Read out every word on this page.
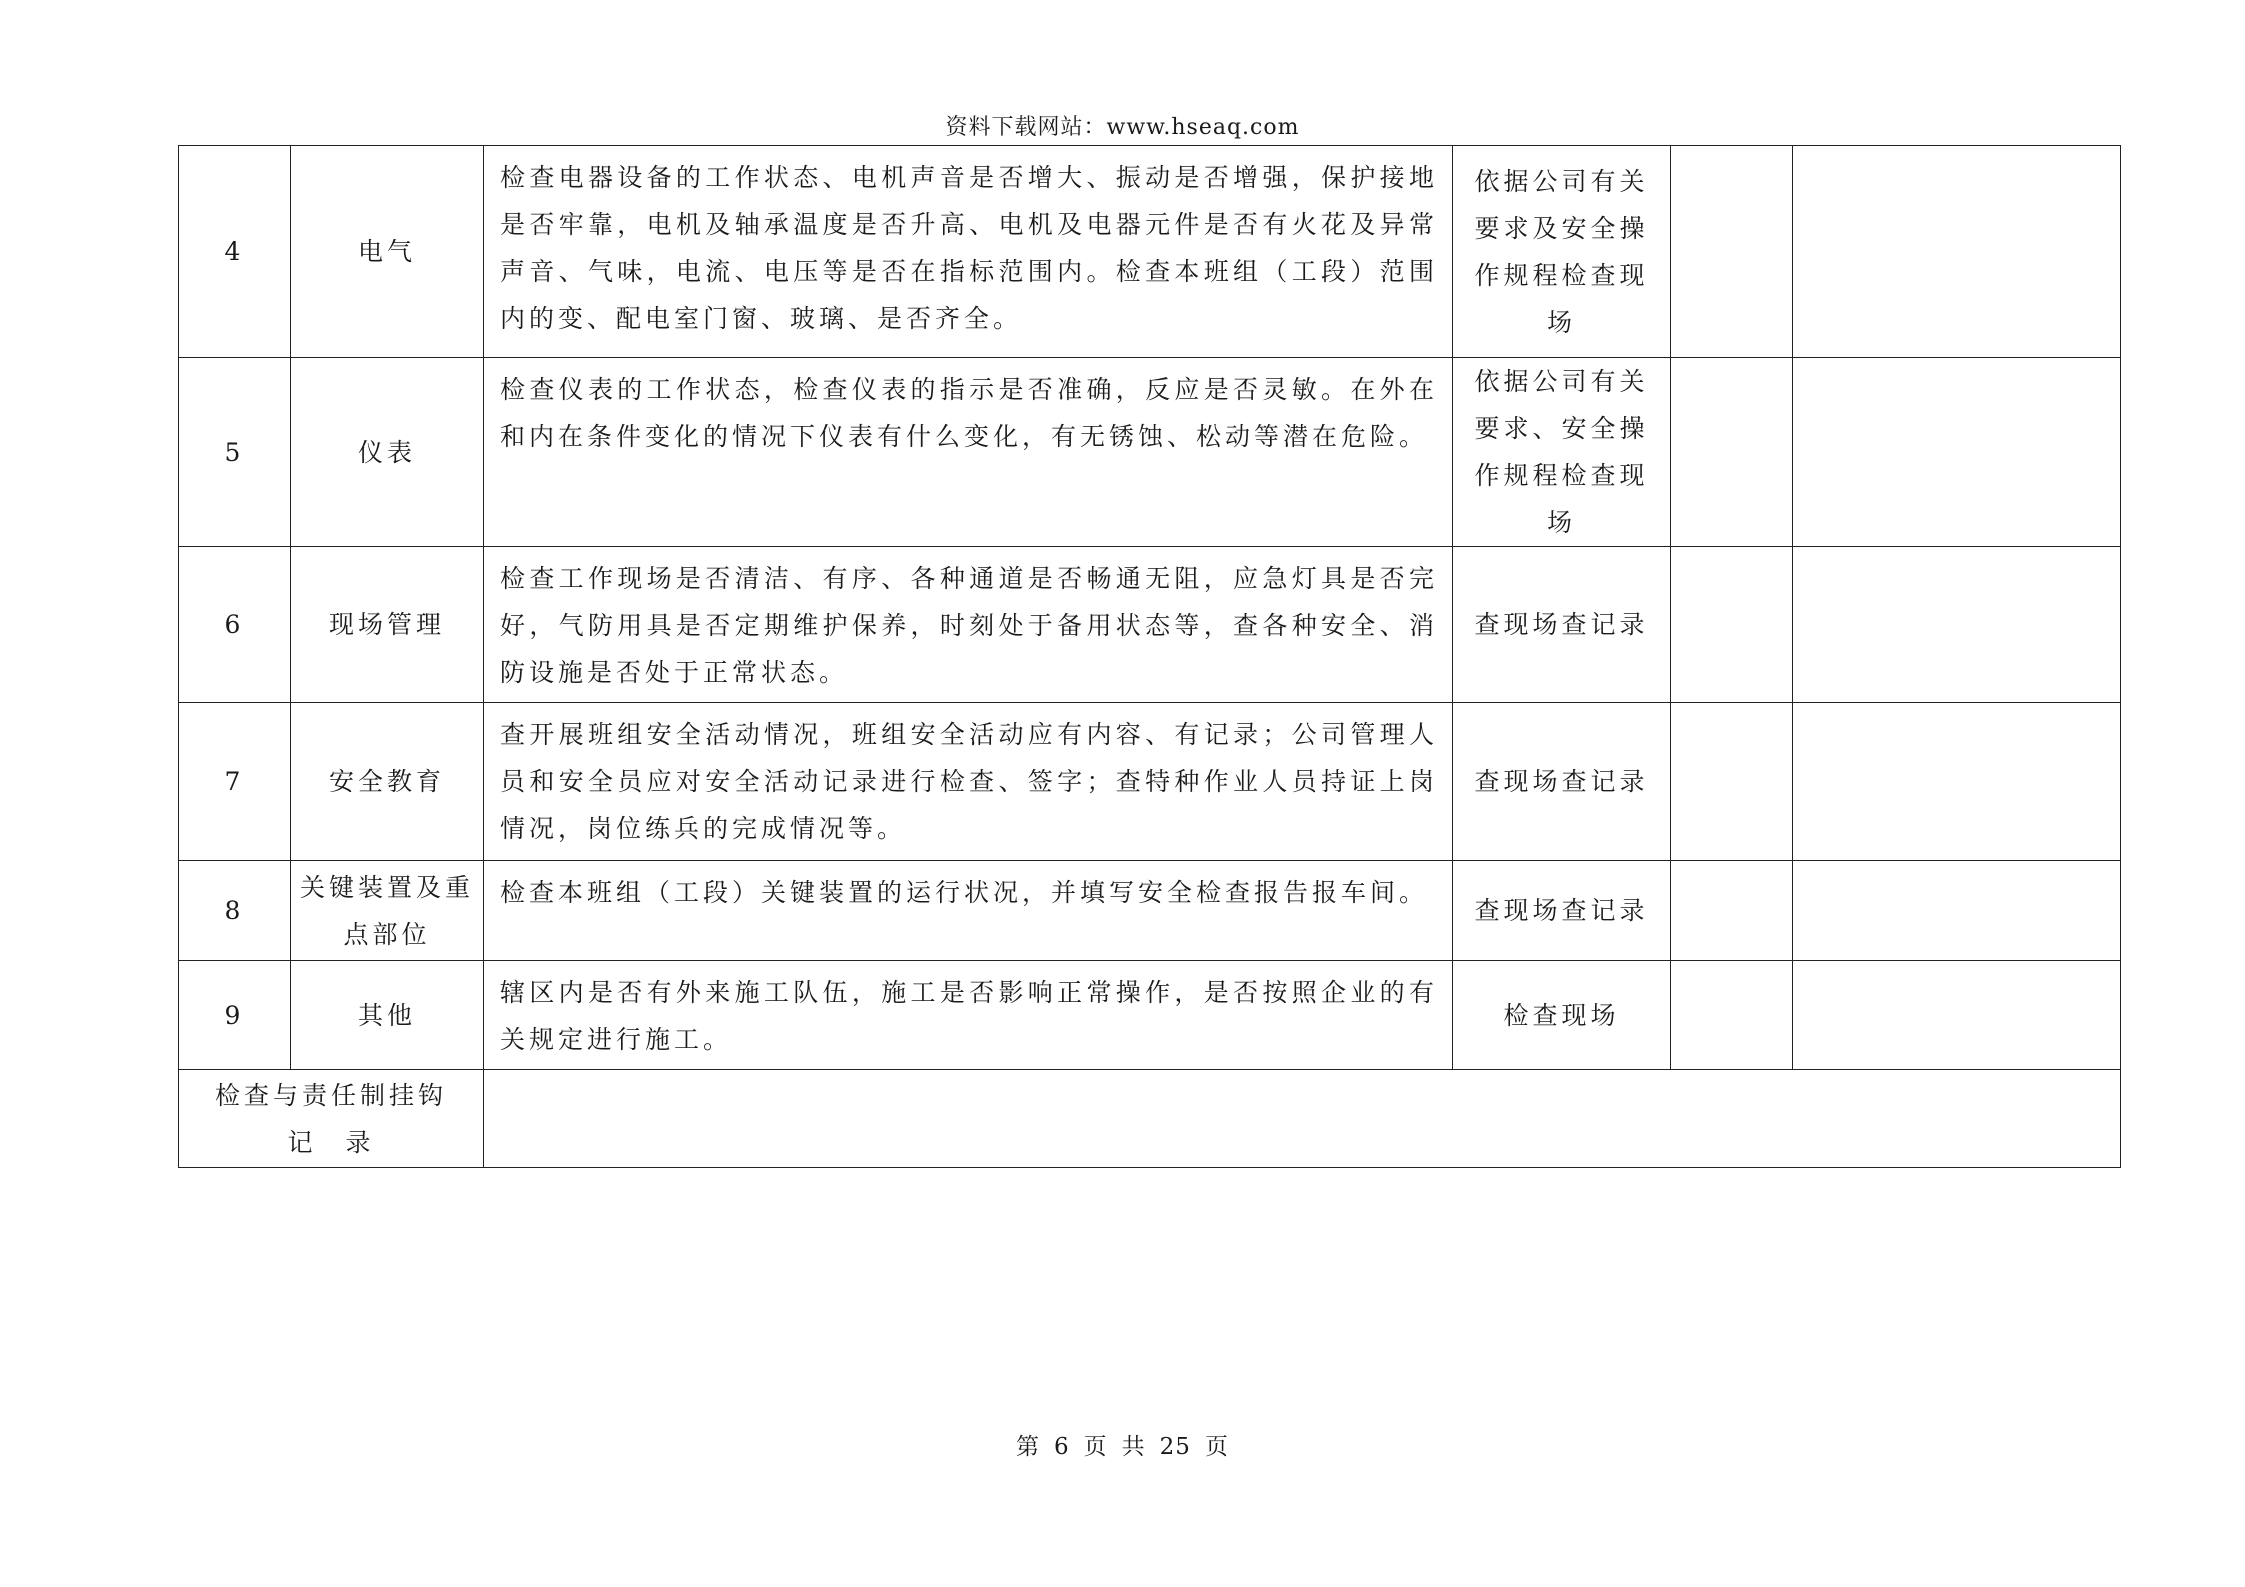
资料下载网站：www.hseaq.com
4	电气	检查电器设备的工作状态、电机声音是否增大、振动是否增强，保护接地是否牢靠，电机及轴承温度是否升高、电机及电器元件是否有火花及异常声音、气味，电流、电压等是否在指标范围内。检查本班组（工段）范围内的变、配电室门窗、玻璃、是否齐全。	依据公司有关要求及安全操作规程检查现场		
5	仪表	检查仪表的工作状态，检查仪表的指示是否准确，反应是否灵敏。在外在和内在条件变化的情况下仪表有什么变化，有无锈蚀、松动等潜在危险。	依据公司有关要求、安全操作规程检查现场		
6	现场管理	检查工作现场是否清洁、有序、各种通道是否畅通无阻，应急灯具是否完好，气防用具是否定期维护保养，时刻处于备用状态等，查各种安全、消防设施是否处于正常状态。	查现场查记录		
7	安全教育	查开展班组安全活动情况，班组安全活动应有内容、有记录；公司管理人员和安全员应对安全活动记录进行检查、签字；查特种作业人员持证上岗情况，岗位练兵的完成情况等。	查现场查记录		
8	关键装置及重点部位	检查本班组（工段）关键装置的运行状况，并填写安全检查报告报车间。	查现场查记录		
9	其他	辖区内是否有外来施工队伍，施工是否影响正常操作，是否按照企业的有关规定进行施工。	检查现场		

检查与责任制挂钩
记　录					

第 6 页 共 25 页
